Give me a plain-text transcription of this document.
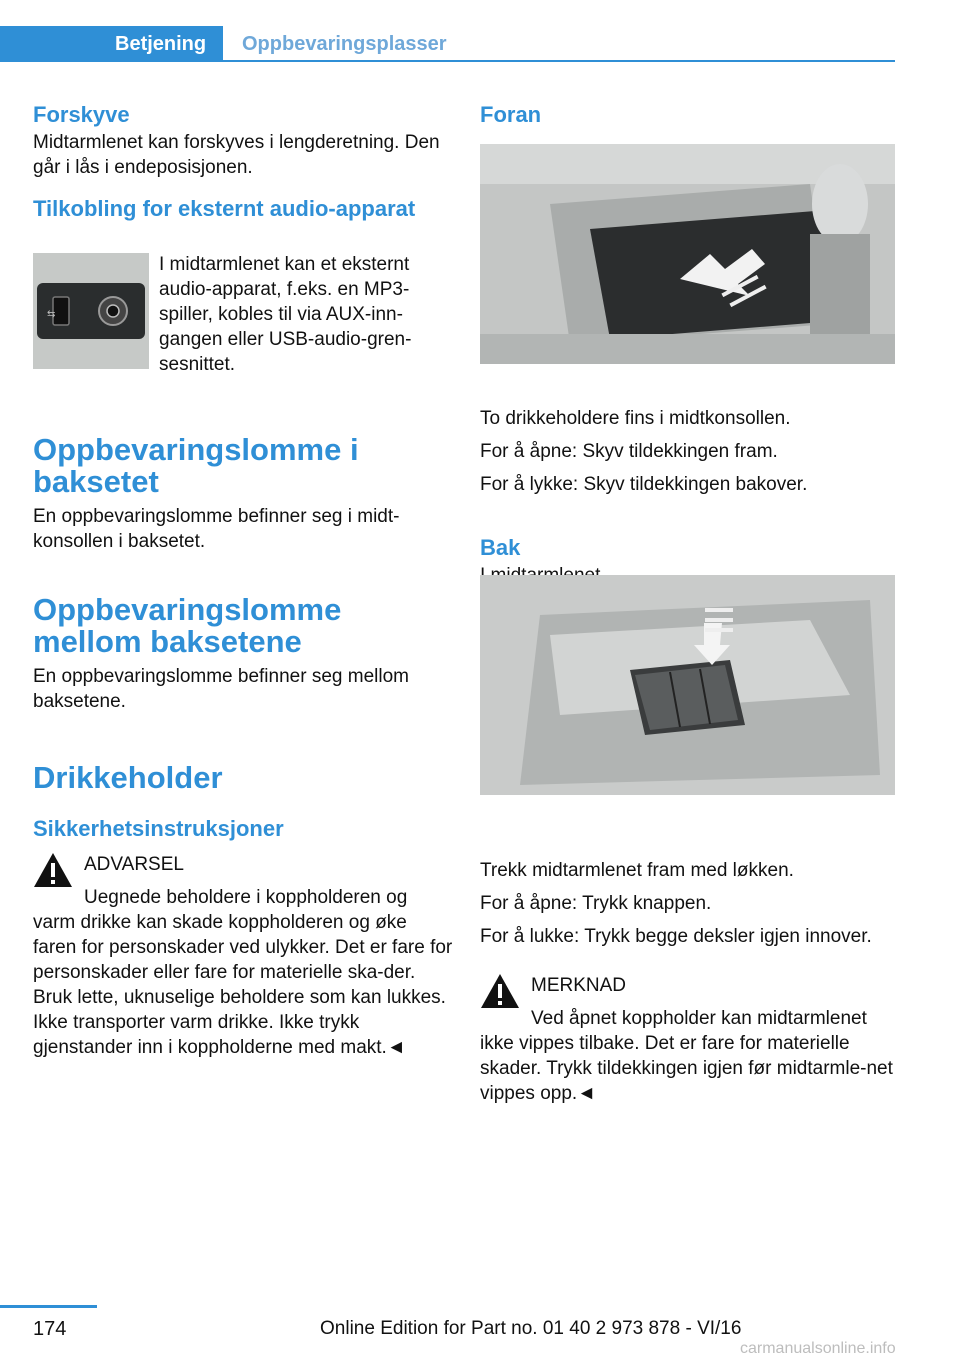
Betjening	Oppbevaringsplasser
Forskyve

Midtarmlenet kan forskyves i lengderetning. Den går i lås i endeposisjonen.

Tilkobling for eksternt audio-apparat
⇆

I midtarmlenet kan et eksternt audio-apparat, f.eks. en MP3-spiller, kobles til via AUX-inn‐gangen eller USB-audio-gren‐sesnittet.

Oppbevaringslomme i baksetet

En oppbevaringslomme befinner seg i midt‐konsollen i baksetet.

Oppbevaringslomme mellom baksetene

En oppbevaringslomme befinner seg mellom baksetene.

Drikkeholder
Sikkerhetsinstruksjoner

ADVARSEL

Uegnede beholdere i koppholderen og varm drikke kan skade koppholderen og øke faren for personskader ved ulykker. Det er fare for personskader eller fare for materielle ska‐der. Bruk lette, uknuselige beholdere som kan lukkes. Ikke transporter varm drikke. Ikke trykk gjenstander inn i koppholderne med makt.◄

Foran

To drikkeholdere fins i midtkonsollen.

For å åpne: Skyv tildekkingen fram.

For å lykke: Skyv tildekkingen bakover.

Bak

Trekk midtarmlenet fram med løkken.

For å åpne: Trykk knappen.

For å lukke: Trykk begge deksler igjen innover.

MERKNAD

Ved åpnet koppholder kan midtarmlenet ikke vippes tilbake. Det er fare for materielle skader. Trykk tildekkingen igjen før midtarmle‐net vippes opp.◄

174	Online Edition for Part no. 01 40 2 973 878 - VI/16
carmanualsonline.info
